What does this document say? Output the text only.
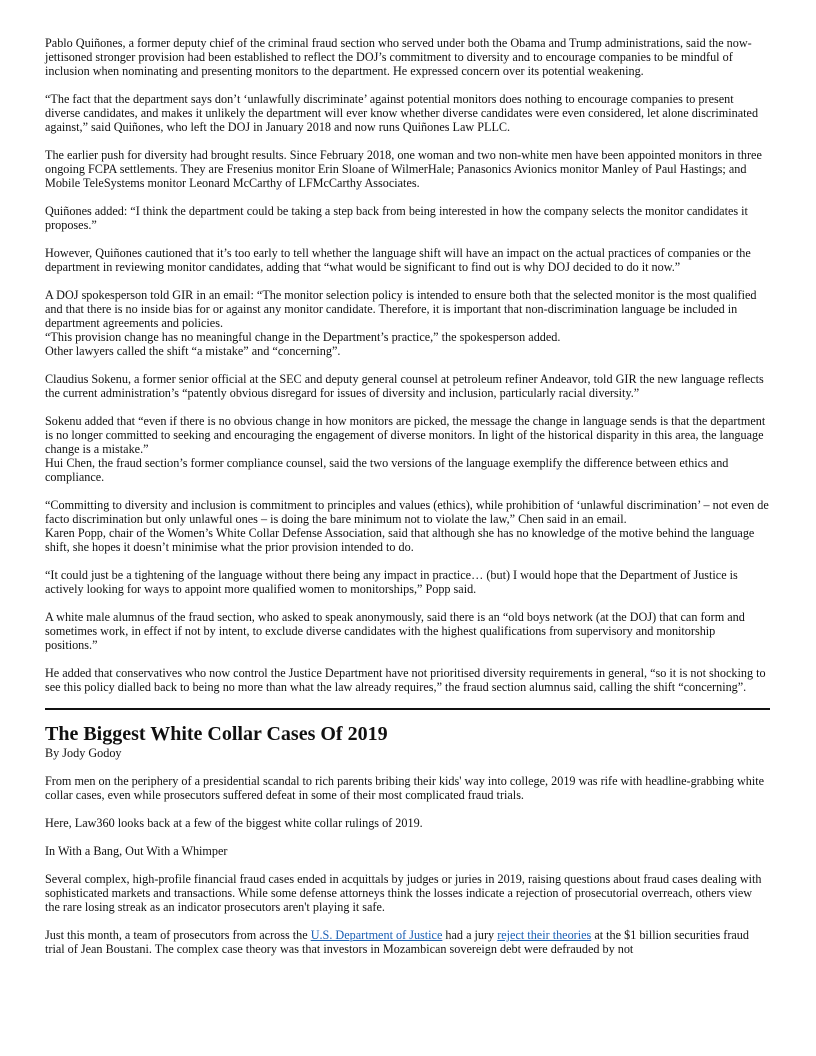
Pablo Quiñones, a former deputy chief of the criminal fraud section who served under both the Obama and Trump administrations, said the now-jettisoned stronger provision had been established to reflect the DOJ’s commitment to diversity and to encourage companies to be mindful of inclusion when nominating and presenting monitors to the department. He expressed concern over its potential weakening.

“The fact that the department says don’t ‘unlawfully discriminate’ against potential monitors does nothing to encourage companies to present diverse candidates, and makes it unlikely the department will ever know whether diverse candidates were even considered, let alone discriminated against,” said Quiñones, who left the DOJ in January 2018 and now runs Quiñones Law PLLC.

The earlier push for diversity had brought results. Since February 2018, one woman and two non-white men have been appointed monitors in three ongoing FCPA settlements. They are Fresenius monitor Erin Sloane of WilmerHale; Panasonics Avionics monitor Manley of Paul Hastings; and Mobile TeleSystems monitor Leonard McCarthy of LFMcCarthy Associates.

Quiñones added: “I think the department could be taking a step back from being interested in how the company selects the monitor candidates it proposes.”

However, Quiñones cautioned that it’s too early to tell whether the language shift will have an impact on the actual practices of companies or the department in reviewing monitor candidates, adding that “what would be significant to find out is why DOJ decided to do it now.”

A DOJ spokesperson told GIR in an email: “The monitor selection policy is intended to ensure both that the selected monitor is the most qualified and that there is no inside bias for or against any monitor candidate. Therefore, it is important that non-discrimination language be included in department agreements and policies.

“This provision change has no meaningful change in the Department’s practice,” the spokesperson added.

Other lawyers called the shift “a mistake” and “concerning”.

Claudius Sokenu, a former senior official at the SEC and deputy general counsel at petroleum refiner Andeavor, told GIR the new language reflects the current administration’s “patently obvious disregard for issues of diversity and inclusion, particularly racial diversity.”

Sokenu added that “even if there is no obvious change in how monitors are picked, the message the change in language sends is that the department is no longer committed to seeking and encouraging the engagement of diverse monitors. In light of the historical disparity in this area, the language change is a mistake.”

Hui Chen, the fraud section’s former compliance counsel, said the two versions of the language exemplify the difference between ethics and compliance.

“Committing to diversity and inclusion is commitment to principles and values (ethics), while prohibition of ‘unlawful discrimination’ – not even de facto discrimination but only unlawful ones – is doing the bare minimum not to violate the law,” Chen said in an email.

Karen Popp, chair of the Women’s White Collar Defense Association, said that although she has no knowledge of the motive behind the language shift, she hopes it doesn’t minimise what the prior provision intended to do.

“It could just be a tightening of the language without there being any impact in practice… (but) I would hope that the Department of Justice is actively looking for ways to appoint more qualified women to monitorships,” Popp said.

A white male alumnus of the fraud section, who asked to speak anonymously, said there is an “old boys network (at the DOJ) that can form and sometimes work, in effect if not by intent, to exclude diverse candidates with the highest qualifications from supervisory and monitorship positions.”

He added that conservatives who now control the Justice Department have not prioritised diversity requirements in general, “so it is not shocking to see this policy dialled back to being no more than what the law already requires,” the fraud section alumnus said, calling the shift “concerning”.

The Biggest White Collar Cases Of 2019

By Jody Godoy

From men on the periphery of a presidential scandal to rich parents bribing their kids' way into college, 2019 was rife with headline-grabbing white collar cases, even while prosecutors suffered defeat in some of their most complicated fraud trials.

Here, Law360 looks back at a few of the biggest white collar rulings of 2019.

In With a Bang, Out With a Whimper

Several complex, high-profile financial fraud cases ended in acquittals by judges or juries in 2019, raising questions about fraud cases dealing with sophisticated markets and transactions. While some defense attorneys think the losses indicate a rejection of prosecutorial overreach, others view the rare losing streak as an indicator prosecutors aren't playing it safe.

Just this month, a team of prosecutors from across the U.S. Department of Justice had a jury reject their theories at the $1 billion securities fraud trial of Jean Boustani. The complex case theory was that investors in Mozambican sovereign debt were defrauded by not
